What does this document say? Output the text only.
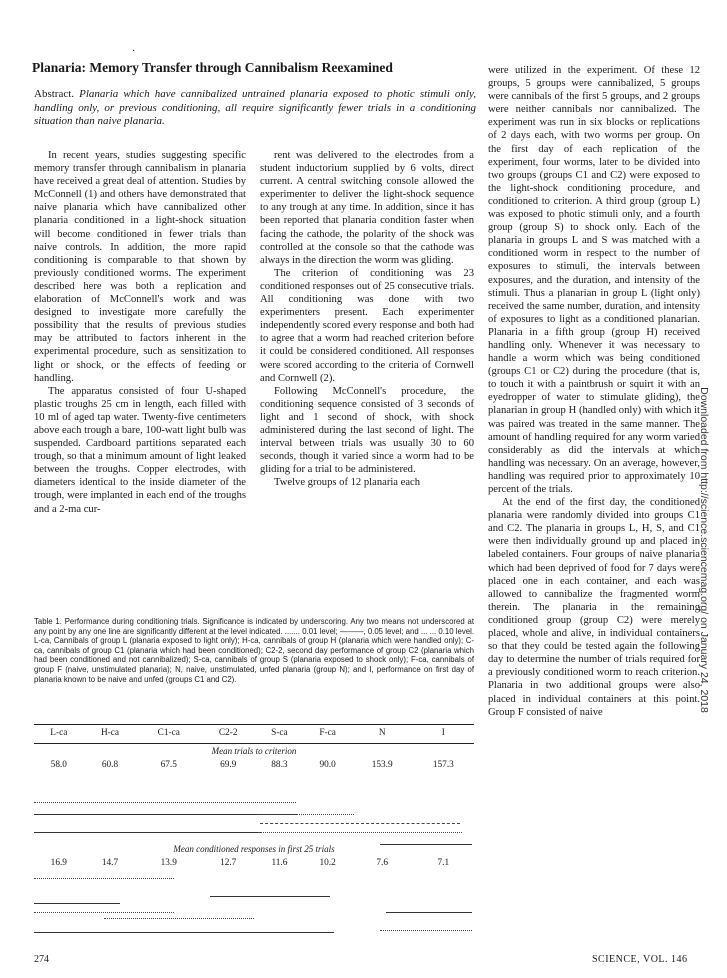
·
Planaria: Memory Transfer through Cannibalism Reexamined
Abstract. Planaria which have cannibalized untrained planaria exposed to photic stimuli only, handling only, or previous conditioning, all require significantly fewer trials in a conditioning situation than naive planaria.

In recent years, studies suggesting specific memory transfer through cannibalism in planaria have received a great deal of attention. Studies by McConnell (1) and others have demonstrated that naive planaria which have cannibalized other planaria conditioned in a light-shock situation will become conditioned in fewer trials than naive controls. In addition, the more rapid conditioning is comparable to that shown by previously conditioned worms. The experiment described here was both a replication and elaboration of McConnell's work and was designed to investigate more carefully the possibility that the results of previous studies may be attributed to factors inherent in the experimental procedure, such as sensitization to light or shock, or the effects of feeding or handling.

The apparatus consisted of four U-shaped plastic troughs 25 cm in length, each filled with 10 ml of aged tap water. Twenty-five centimeters above each trough a bare, 100-watt light bulb was suspended. Cardboard partitions separated each trough, so that a minimum amount of light leaked between the troughs. Copper electrodes, with diameters identical to the inside diameter of the trough, were implanted in each end of the troughs and a 2-ma cur-

rent was delivered to the electrodes from a student inductorium supplied by 6 volts, direct current. A central switching console allowed the experimenter to deliver the light-shock sequence to any trough at any time. In addition, since it has been reported that planaria condition faster when facing the cathode, the polarity of the shock was controlled at the console so that the cathode was always in the direction the worm was gliding.

The criterion of conditioning was 23 conditioned responses out of 25 consecutive trials. All conditioning was done with two experimenters present. Each experimenter independently scored every response and both had to agree that a worm had reached criterion before it could be considered conditioned. All responses were scored according to the criteria of Cornwell and Cornwell (2).

Following McConnell's procedure, the conditioning sequence consisted of 3 seconds of light and 1 second of shock, with shock administered during the last second of light. The interval between trials was usually 30 to 60 seconds, though it varied since a worm had to be gliding for a trial to be administered.

Twelve groups of 12 planaria each

were utilized in the experiment. Of these 12 groups, 5 groups were cannibalized, 5 groups were cannibals of the first 5 groups, and 2 groups were neither cannibals nor cannibalized. The experiment was run in six blocks or replications of 2 days each, with two worms per group. On the first day of each replication of the experiment, four worms, later to be divided into two groups (groups C1 and C2) were exposed to the light-shock conditioning procedure, and conditioned to criterion. A third group (group L) was exposed to photic stimuli only, and a fourth group (group S) to shock only. Each of the planaria in groups L and S was matched with a conditioned worm in respect to the number of exposures to stimuli, the intervals between exposures, and the duration, and intensity of the stimuli. Thus a planarian in group L (light only) received the same number, duration, and intensity of exposures to light as a conditioned planarian. Planaria in a fifth group (group H) received handling only. Whenever it was necessary to handle a worm which was being conditioned (groups C1 or C2) during the procedure (that is, to touch it with a paintbrush or squirt it with an eyedropper of water to stimulate gliding), the planarian in group H (handled only) with which it was paired was treated in the same manner. The amount of handling required for any worm varied considerably as did the intervals at which handling was necessary. On an average, however, handling was required prior to approximately 10 percent of the trials.

At the end of the first day, the conditioned planaria were randomly divided into groups C1 and C2. The planaria in groups L, H, S, and C1 were then individually ground up and placed in labeled containers. Four groups of naive planaria which had been deprived of food for 7 days were placed one in each container, and each was allowed to cannibalize the fragmented worm therein. The planaria in the remaining conditioned group (group C2) were merely placed, whole and alive, in individual containers so that they could be tested again the following day to determine the number of trials required for a previously conditioned worm to reach criterion. Planaria in two additional groups were also placed in individual containers at this point. Group F consisted of naive	Downloaded from http://science.sciencemag.org/ on January 24, 2018
Table 1. Performance during conditioning trials. Significance is indicated by underscoring. Any two means not underscored at any point by any one line are significantly different at the level indicated. ....... 0.01 level; ———, 0.05 level; and ... ... 0.10 level. L-ca, Cannibals of group L (planaria exposed to light only); H-ca, cannibals of group H (planaria which were handled only); C-ca, cannibals of group C1 (planaria which had been conditioned); C2-2, second day performance of group C2 (planaria which had been conditioned and not cannibalized); S-ca, cannibals of group S (planaria exposed to shock only); F-ca, cannibals of group F (naive, unstimulated planaria); N, naive, unstimulated, unfed planaria (group N); and I, performance on first day of planaria known to be naive and unfed (groups C1 and C2).
L-ca	H-ca	C1-ca	C2-2	S-ca	F-ca	N	I
Mean trials to criterion							
58.0	60.8	67.5	69.9	88.3	90.0	153.9	157.3

Mean conditioned responses in first 25 trials							
16.9	14.7	13.9	12.7	11.6	10.2	7.6	7.1
274	SCIENCE, VOL. 146
